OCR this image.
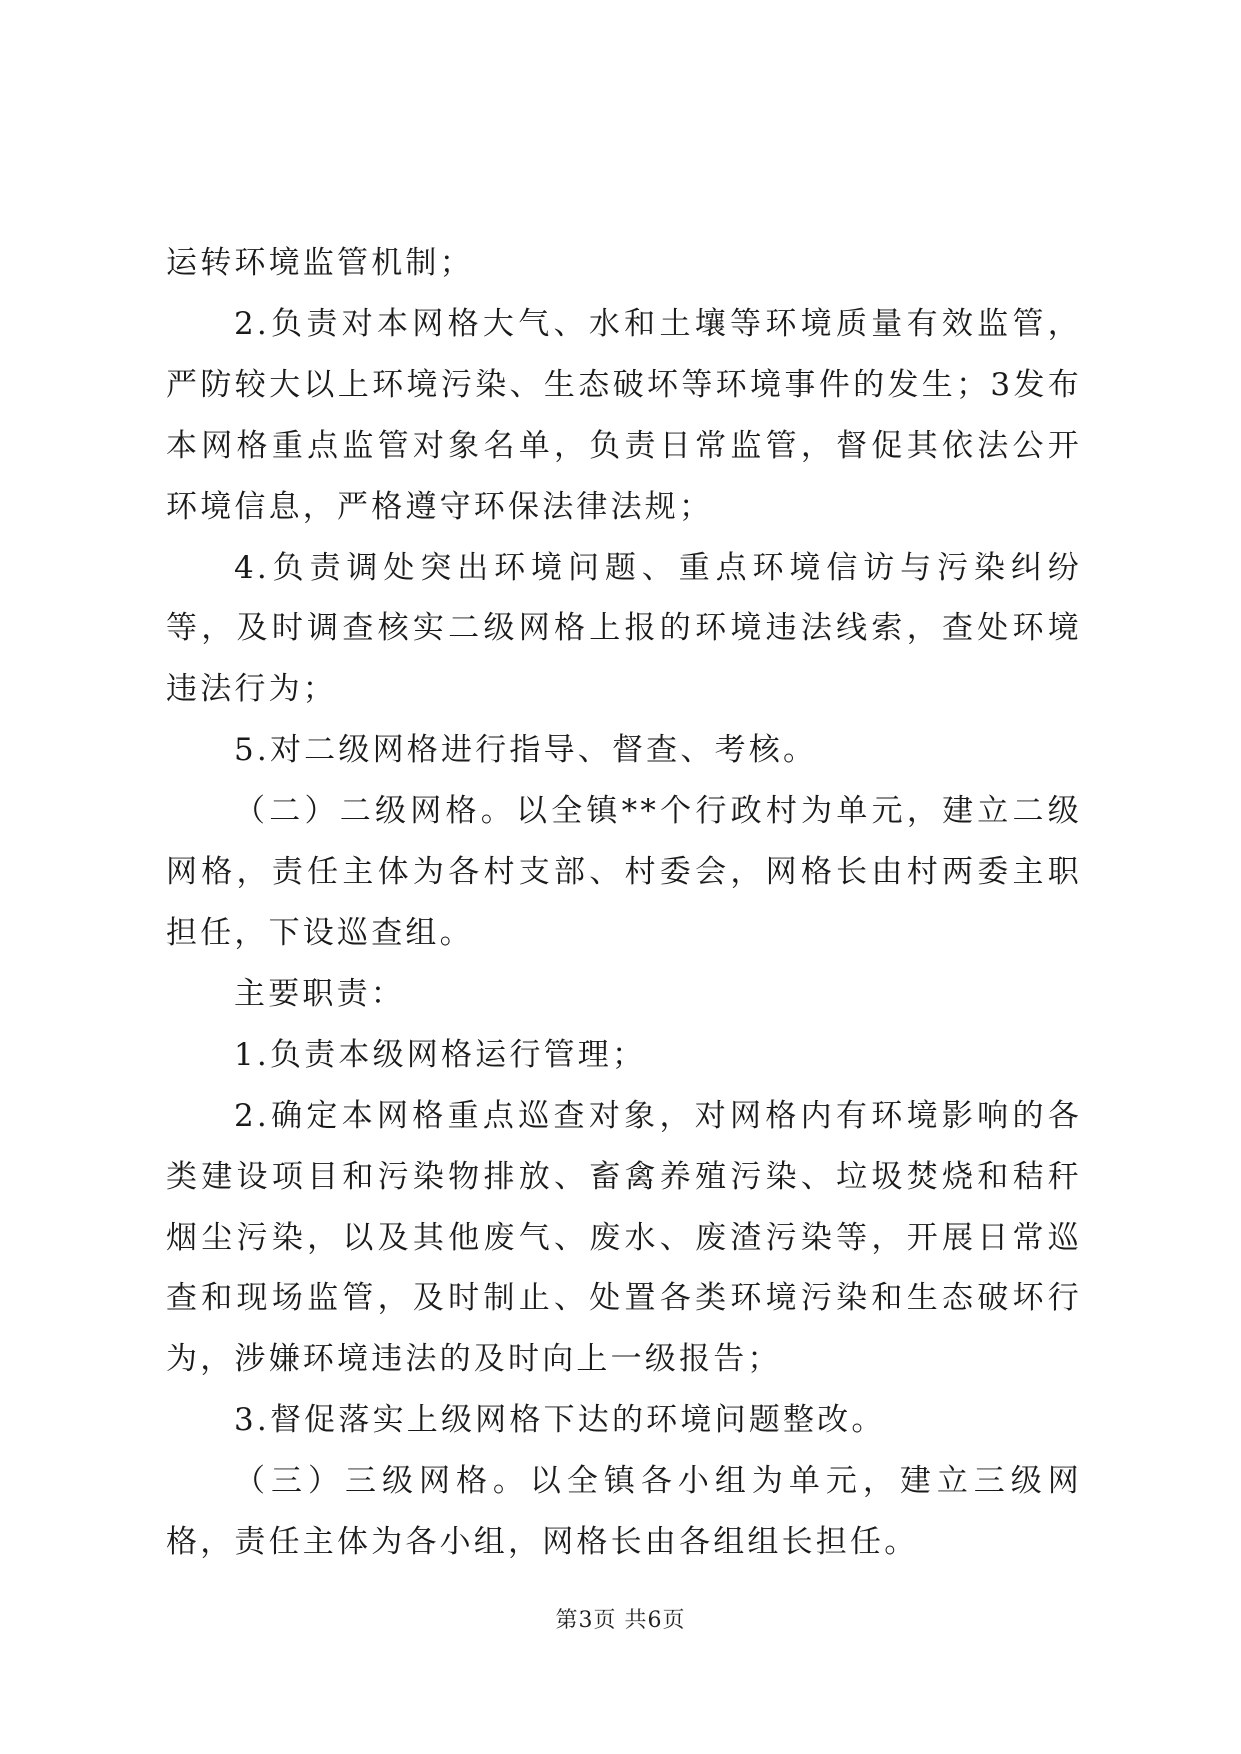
运转环境监管机制；

2.负责对本网格大气、水和土壤等环境质量有效监管，严防较大以上环境污染、生态破坏等环境事件的发生；3发布本网格重点监管对象名单，负责日常监管，督促其依法公开环境信息，严格遵守环保法律法规；

4.负责调处突出环境问题、重点环境信访与污染纠纷等，及时调查核实二级网格上报的环境违法线索，查处环境违法行为；

5.对二级网格进行指导、督查、考核。

（二）二级网格。以全镇**个行政村为单元，建立二级网格，责任主体为各村支部、村委会，网格长由村两委主职担任，下设巡查组。

主要职责：

1.负责本级网格运行管理；

2.确定本网格重点巡查对象，对网格内有环境影响的各类建设项目和污染物排放、畜禽养殖污染、垃圾焚烧和秸秆烟尘污染，以及其他废气、废水、废渣污染等，开展日常巡查和现场监管，及时制止、处置各类环境污染和生态破坏行为，涉嫌环境违法的及时向上一级报告；

3.督促落实上级网格下达的环境问题整改。

（三）三级网格。以全镇各小组为单元，建立三级网格，责任主体为各小组，网格长由各组组长担任。

第3页 共6页
